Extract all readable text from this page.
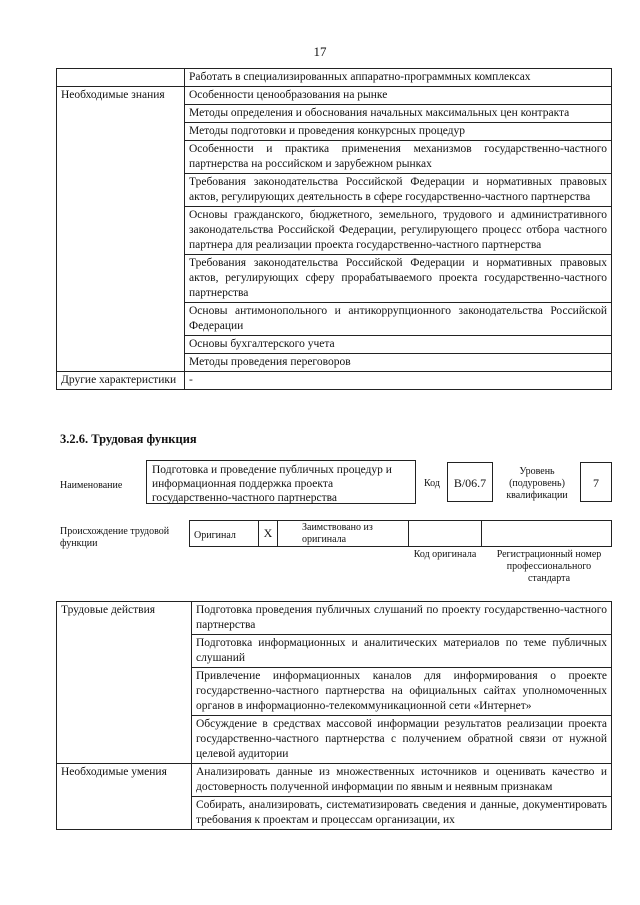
17
	Работать в специализированных аппаратно-программных комплексах
Необходимые знания	Особенности ценообразования на рынке
	Методы определения и обоснования начальных максимальных цен контракта
	Методы подготовки и проведения конкурсных процедур
	Особенности и практика применения механизмов государственно-частного партнерства на российском и зарубежном рынках
	Требования законодательства Российской Федерации и нормативных правовых актов, регулирующих деятельность в сфере государственно-частного партнерства
	Основы гражданского, бюджетного, земельного, трудового и административного законодательства Российской Федерации, регулирующего процесс отбора частного партнера для реализации проекта государственно-частного партнерства
	Требования законодательства Российской Федерации и нормативных правовых актов, регулирующих сферу прорабатываемого проекта государственно-частного партнерства
	Основы антимонопольного и антикоррупционного законодательства Российской Федерации
	Основы бухгалтерского учета
	Методы проведения переговоров
Другие характеристики	-
3.2.6. Трудовая функция
Наименование
Подготовка и проведение публичных процедур и информационная поддержка проекта государственно-частного партнерства
Код	B/06.7
Уровень (подуровень) квалификации
7
Происхождение трудовой функции
Оригинал	X	Заимствовано из оригинала
Код оригинала	Регистрационный номер профессионального стандарта
Трудовые действия	Подготовка проведения публичных слушаний по проекту государственно-частного партнерства
	Подготовка информационных и аналитических материалов по теме публичных слушаний
	Привлечение информационных каналов для информирования о проекте государственно-частного партнерства на официальных сайтах уполномоченных органов в информационно-телекоммуникационной сети «Интернет»
	Обсуждение в средствах массовой информации результатов реализации проекта государственно-частного партнерства с получением обратной связи от нужной целевой аудитории
Необходимые умения	Анализировать данные из множественных источников и оценивать качество и достоверность полученной информации по явным и неявным признакам
	Собирать, анализировать, систематизировать сведения и данные, документировать требования к проектам и процессам организации, их
